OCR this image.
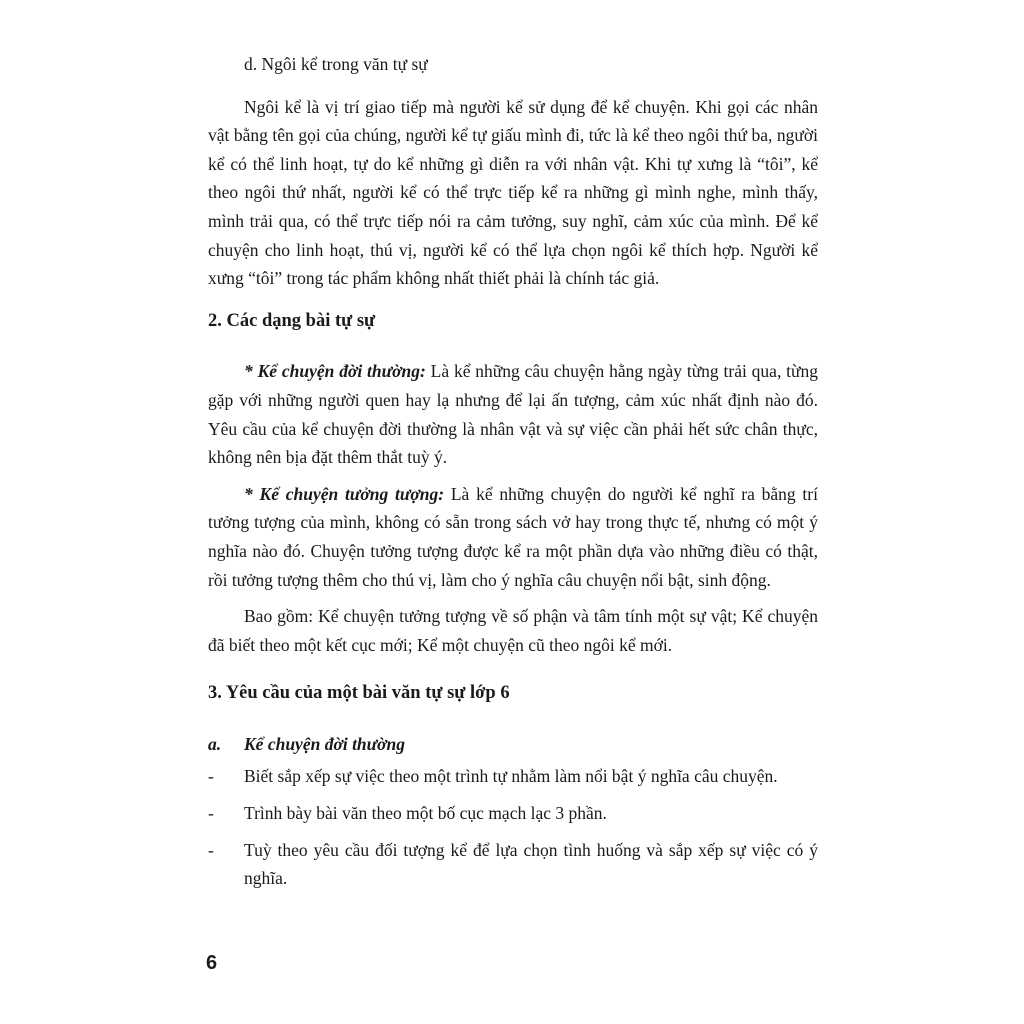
d. Ngôi kể trong văn tự sự

Ngôi kể là vị trí giao tiếp mà người kể sử dụng để kể chuyện. Khi gọi các nhân vật bằng tên gọi của chúng, người kể tự giấu mình đi, tức là kể theo ngôi thứ ba, người kể có thể linh hoạt, tự do kể những gì diễn ra với nhân vật. Khi tự xưng là “tôi”, kể theo ngôi thứ nhất, người kể có thể trực tiếp kể ra những gì mình nghe, mình thấy, mình trải qua, có thể trực tiếp nói ra cảm tưởng, suy nghĩ, cảm xúc của mình. Để kể chuyện cho linh hoạt, thú vị, người kể có thể lựa chọn ngôi kể thích hợp. Người kể xưng “tôi” trong tác phẩm không nhất thiết phải là chính tác giả.

2. Các dạng bài tự sự

* Kể chuyện đời thường: Là kể những câu chuyện hằng ngày từng trải qua, từng gặp với những người quen hay lạ nhưng để lại ấn tượng, cảm xúc nhất định nào đó. Yêu cầu của kể chuyện đời thường là nhân vật và sự việc cần phải hết sức chân thực, không nên bịa đặt thêm thắt tuỳ ý.

* Kể chuyện tưởng tượng: Là kể những chuyện do người kể nghĩ ra bằng trí tưởng tượng của mình, không có sẵn trong sách vở hay trong thực tế, nhưng có một ý nghĩa nào đó. Chuyện tưởng tượng được kể ra một phần dựa vào những điều có thật, rồi tưởng tượng thêm cho thú vị, làm cho ý nghĩa câu chuyện nổi bật, sinh động.

Bao gồm: Kể chuyện tưởng tượng về số phận và tâm tính một sự vật; Kể chuyện đã biết theo một kết cục mới; Kể một chuyện cũ theo ngôi kể mới.

3. Yêu cầu của một bài văn tự sự lớp 6

a.	Kể chuyện đời thường
-	Biết sắp xếp sự việc theo một trình tự nhằm làm nổi bật ý nghĩa câu chuyện.
-	Trình bày bài văn theo một bố cục mạch lạc 3 phần.
-	Tuỳ theo yêu cầu đối tượng kể để lựa chọn tình huống và sắp xếp sự việc có ý nghĩa.
6
